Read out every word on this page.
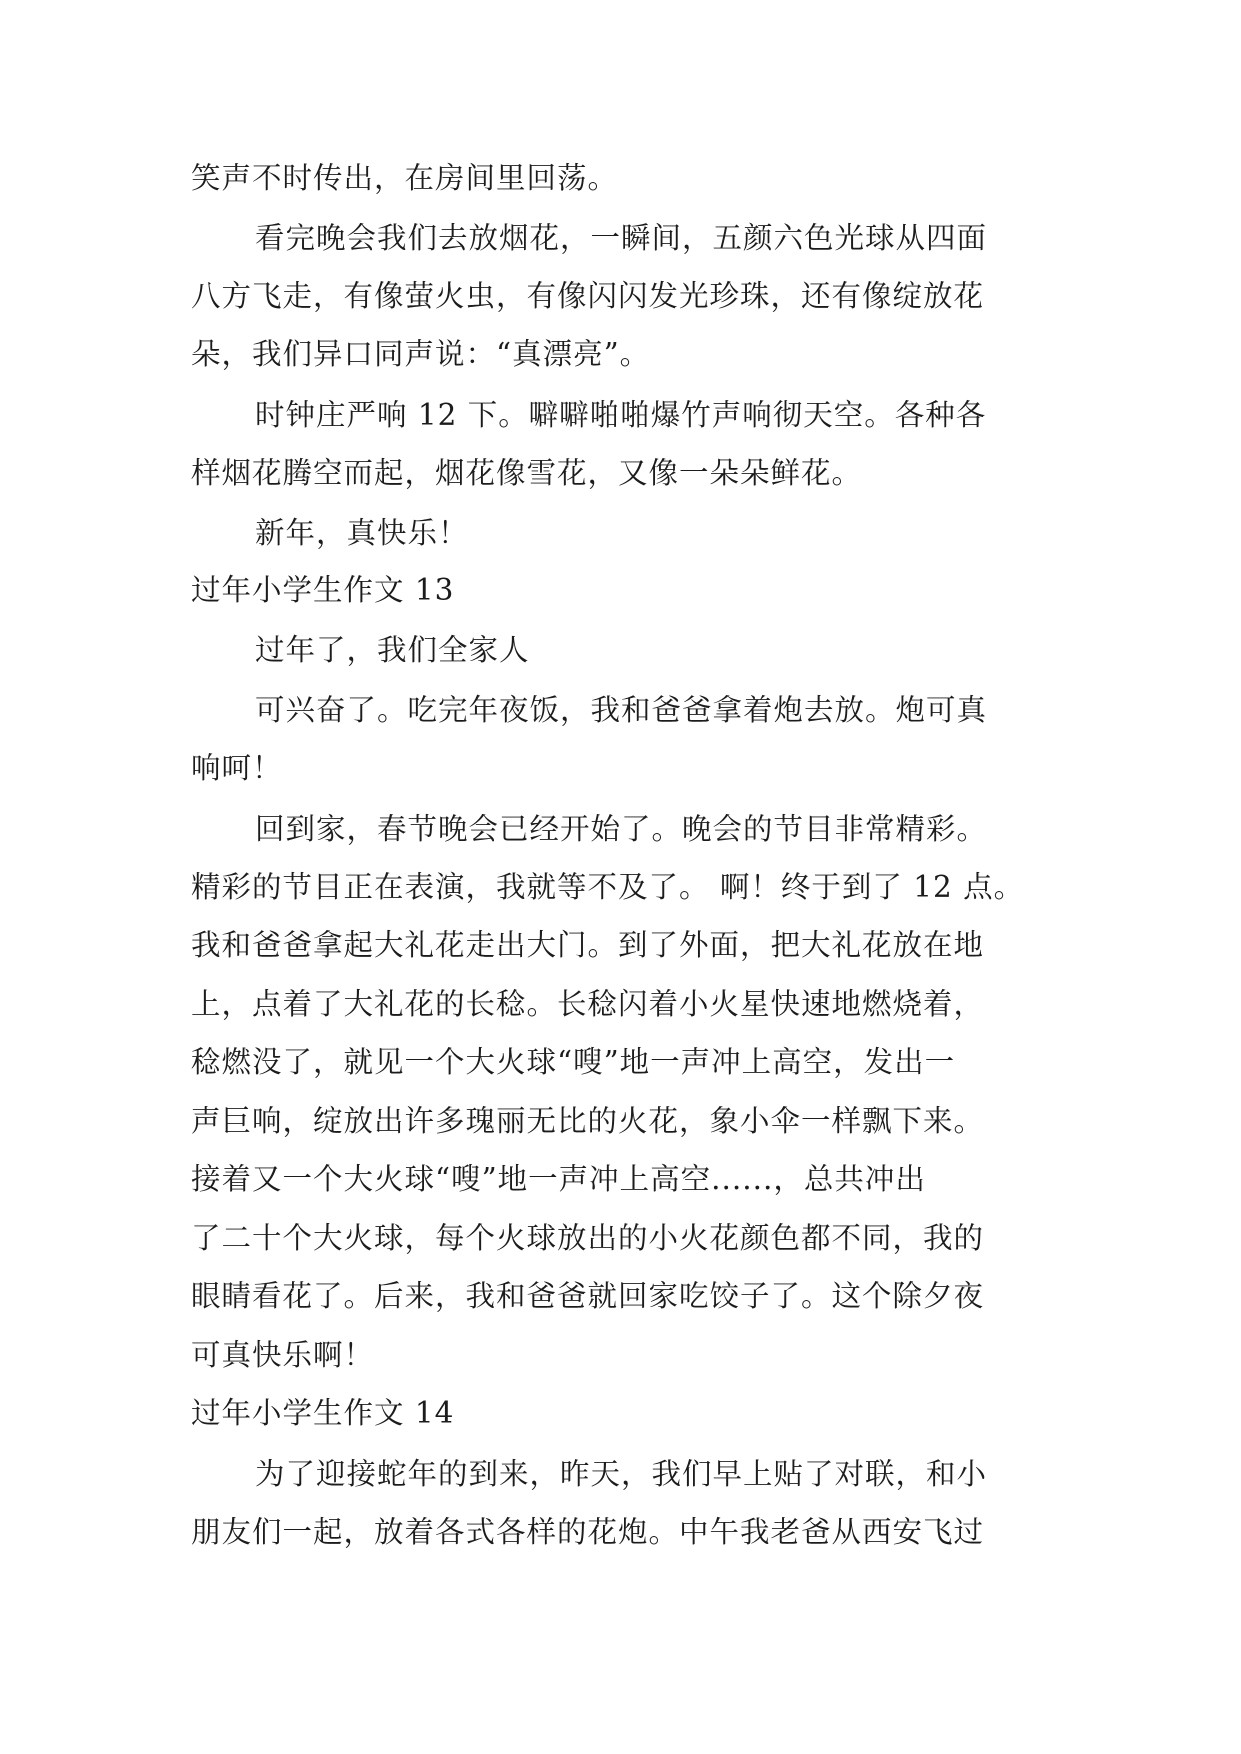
笑声不时传出，在房间里回荡。
看完晚会我们去放烟花，一瞬间，五颜六色光球从四面
八方飞走，有像萤火虫，有像闪闪发光珍珠，还有像绽放花
朵，我们异口同声说：“真漂亮”。
时钟庄严响 12 下。噼噼啪啪爆竹声响彻天空。各种各
样烟花腾空而起，烟花像雪花，又像一朵朵鲜花。
新年，真快乐！
过年小学生作文 13
过年了，我们全家人
可兴奋了。吃完年夜饭，我和爸爸拿着炮去放。炮可真
响呵！
回到家，春节晚会已经开始了。晚会的节目非常精彩。
精彩的节目正在表演，我就等不及了。 啊！终于到了 12 点。
我和爸爸拿起大礼花走出大门。到了外面，把大礼花放在地
上，点着了大礼花的长稔。长稔闪着小火星快速地燃烧着，
稔燃没了，就见一个大火球“嗖”地一声冲上高空，发出一
声巨响，绽放出许多瑰丽无比的火花，象小伞一样飘下来。
接着又一个大火球“嗖”地一声冲上高空......，总共冲出
了二十个大火球，每个火球放出的小火花颜色都不同，我的
眼睛看花了。后来，我和爸爸就回家吃饺子了。这个除夕夜
可真快乐啊！
过年小学生作文 14
为了迎接蛇年的到来，昨天，我们早上贴了对联，和小
朋友们一起，放着各式各样的花炮。中午我老爸从西安飞过
